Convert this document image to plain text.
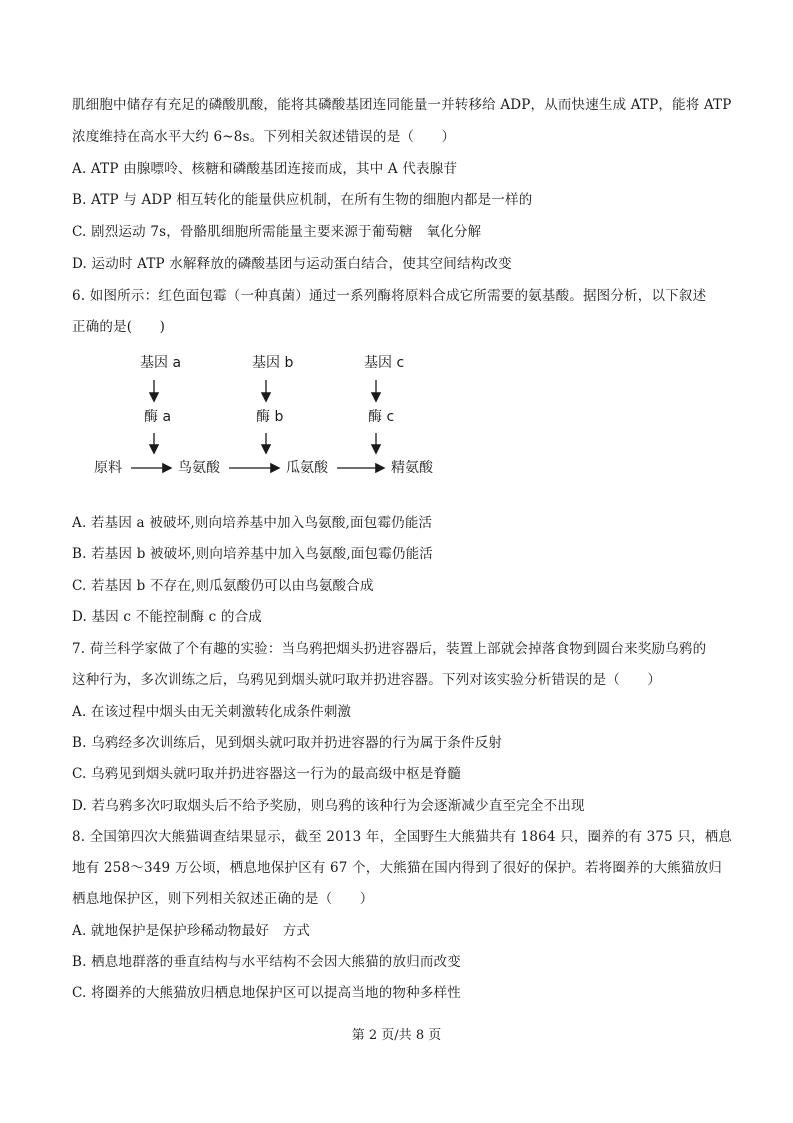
肌细胞中储存有充足的磷酸肌酸，能将其磷酸基团连同能量一并转移给 ADP，从而快速生成 ATP，能将 ATP
浓度维持在高水平大约 6~8s。下列相关叙述错误的是（　　）
A. ATP 由腺嘌呤、核糖和磷酸基团连接而成，其中 A 代表腺苷
B. ATP 与 ADP 相互转化的能量供应机制，在所有生物的细胞内都是一样的
C. 剧烈运动 7s，骨骼肌细胞所需能量主要来源于葡萄糖　氧化分解
D. 运动时 ATP 水解释放的磷酸基团与运动蛋白结合，使其空间结构改变
6. 如图所示：红色面包霉（一种真菌）通过一系列酶将原料合成它所需要的氨基酸。据图分析，以下叙述
正确的是(　　)
基因 a	基因 b	基因 c
酶 a	酶 b	酶 c
原料	鸟氨酸	瓜氨酸	精氨酸
A. 若基因 a 被破坏,则向培养基中加入鸟氨酸,面包霉仍能活
B. 若基因 b 被破坏,则向培养基中加入鸟氨酸,面包霉仍能活
C. 若基因 b 不存在,则瓜氨酸仍可以由鸟氨酸合成
D. 基因 c 不能控制酶 c 的合成
7. 荷兰科学家做了个有趣的实验：当乌鸦把烟头扔进容器后，装置上部就会掉落食物到圆台来奖励乌鸦的
这种行为，多次训练之后，乌鸦见到烟头就叼取并扔进容器。下列对该实验分析错误的是（　　）
A. 在该过程中烟头由无关刺激转化成条件刺激
B. 乌鸦经多次训练后，见到烟头就叼取并扔进容器的行为属于条件反射
C. 乌鸦见到烟头就叼取并扔进容器这一行为的最高级中枢是脊髓
D. 若乌鸦多次叼取烟头后不给予奖励，则乌鸦的该种行为会逐渐减少直至完全不出现
8. 全国第四次大熊猫调查结果显示，截至 2013 年，全国野生大熊猫共有 1864 只，圈养的有 375 只，栖息
地有 258～349 万公顷，栖息地保护区有 67 个，大熊猫在国内得到了很好的保护。若将圈养的大熊猫放归
栖息地保护区，则下列相关叙述正确的是（　　）
A. 就地保护是保护珍稀动物最好　方式
B. 栖息地群落的垂直结构与水平结构不会因大熊猫的放归而改变
C. 将圈养的大熊猫放归栖息地保护区可以提高当地的物种多样性
第 2 页/共 8 页
